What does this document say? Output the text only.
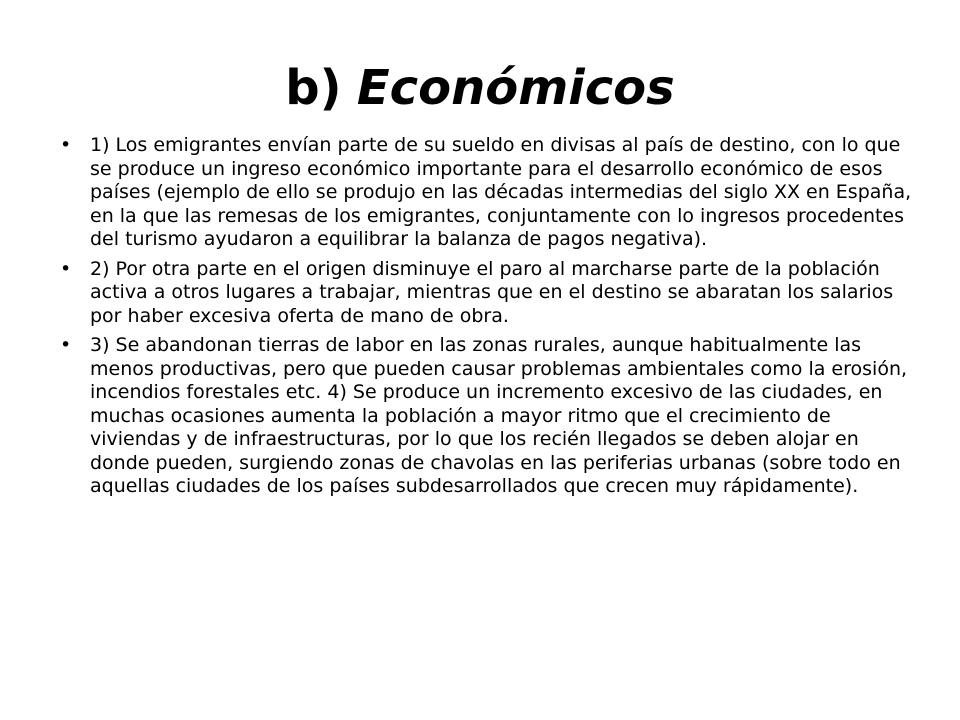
b) Económicos
• 1) Los emigrantes envían parte de su sueldo en divisas al país de destino, con lo que se produce un ingreso económico importante para el desarrollo económico de esos países (ejemplo de ello se produjo en las décadas intermedias del siglo XX en España, en la que las remesas de los emigrantes, conjuntamente con lo ingresos procedentes del turismo ayudaron a equilibrar la balanza de pagos negativa).
• 2) Por otra parte en el origen disminuye el paro al marcharse parte de la población activa a otros lugares a trabajar, mientras que en el destino se abaratan los salarios por haber excesiva oferta de mano de obra.
• 3) Se abandonan tierras de labor en las zonas rurales, aunque habitualmente las menos productivas, pero que pueden causar problemas ambientales como la erosión, incendios forestales etc. 4) Se produce un incremento excesivo de las ciudades, en muchas ocasiones aumenta la población a mayor ritmo que el crecimiento de viviendas y de infraestructuras, por lo que los recién llegados se deben alojar en donde pueden, surgiendo zonas de chavolas en las periferias urbanas (sobre todo en aquellas ciudades de los países subdesarrollados que crecen muy rápidamente).
